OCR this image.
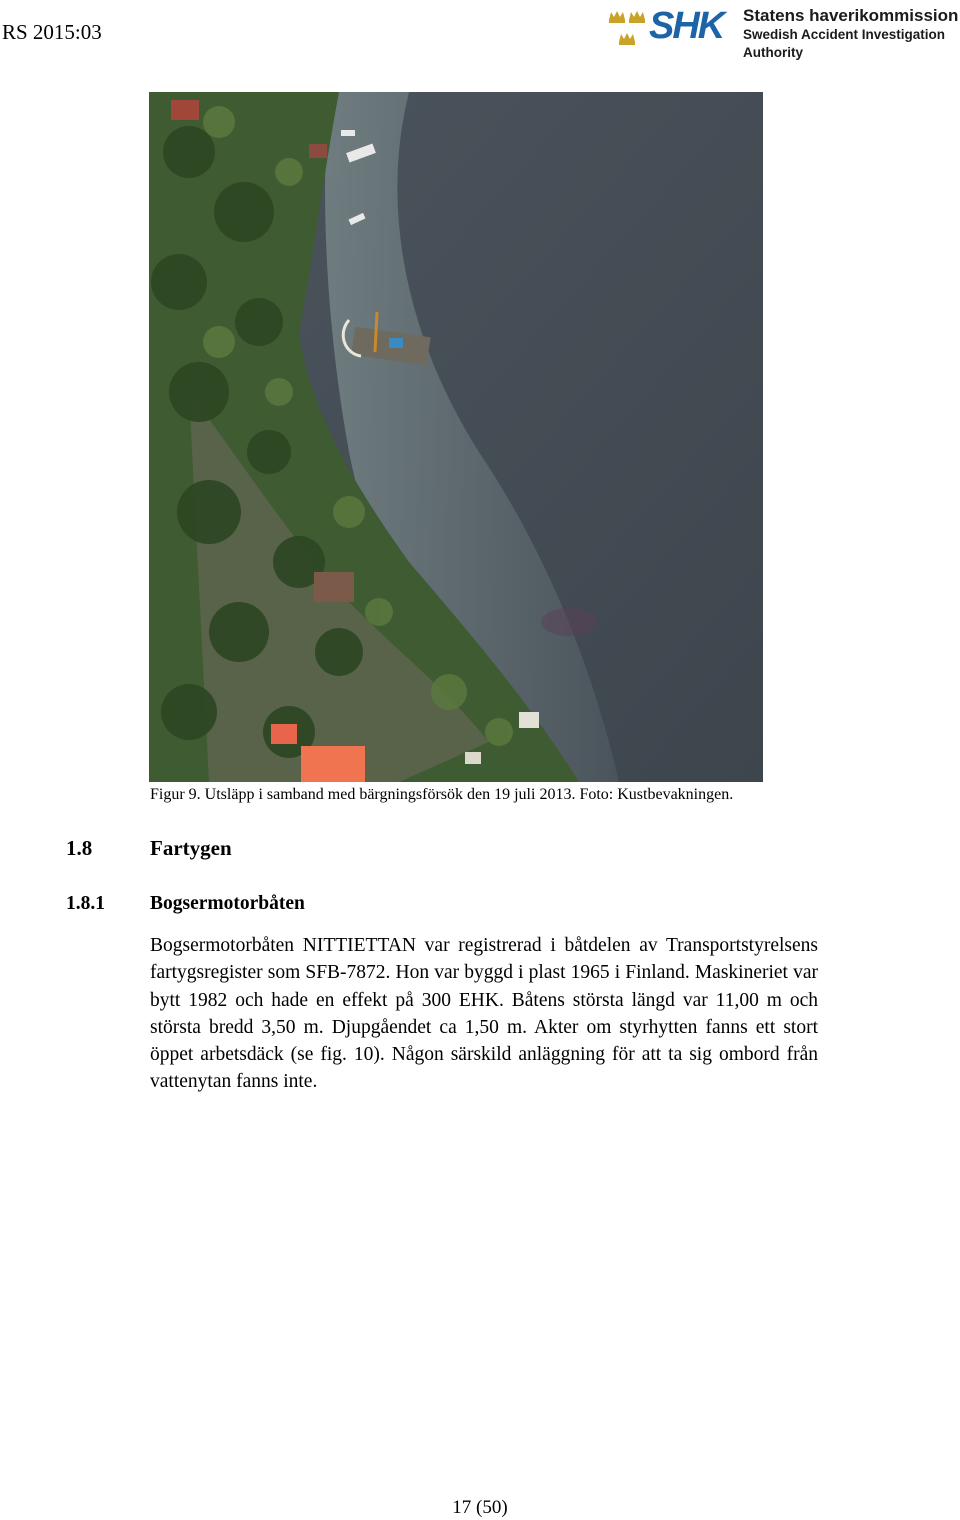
RS 2015:03	SHK Statens haverikommission
Swedish Accident Investigation Authority
Figur 9. Utsläpp i samband med bärgningsförsök den 19 juli 2013. Foto: Kustbevakningen.
1.8	Fartygen
1.8.1 Bogsermotorbåten
Bogsermotorbåten NITTIETTAN var registrerad i båtdelen av Transportstyrelsens fartygsregister som SFB-7872. Hon var byggd i plast 1965 i Finland. Maskineriet var bytt 1982 och hade en effekt på 300 EHK. Båtens största längd var 11,00 m och största bredd 3,50 m. Djupgåendet ca 1,50 m. Akter om styrhytten fanns ett stort öppet arbetsdäck (se fig. 10). Någon särskild anläggning för att ta sig ombord från vattenytan fanns inte.
17 (50)
